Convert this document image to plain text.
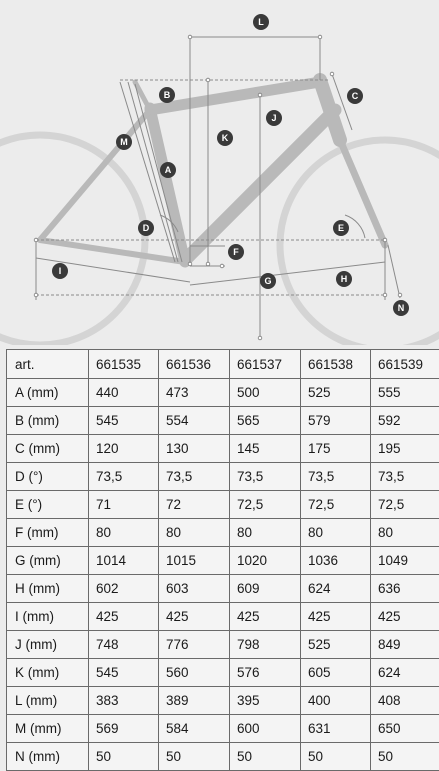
L
C
B
J
K
M
A
D	E
F
G	H
I
N
art.	661535	661536	661537	661538	661539
A (mm)	440	473	500	525	555
B (mm)	545	554	565	579	592
C (mm)	120	130	145	175	195
D (°)	73,5	73,5	73,5	73,5	73,5
E (°)	71	72	72,5	72,5	72,5
F (mm)	80	80	80	80	80
G (mm)	1014	1015	1020	1036	1049
H (mm)	602	603	609	624	636
I (mm)	425	425	425	425	425
J (mm)	748	776	798	525	849
K (mm)	545	560	576	605	624
L (mm)	383	389	395	400	408
M (mm)	569	584	600	631	650
N (mm)	50	50	50	50	50
